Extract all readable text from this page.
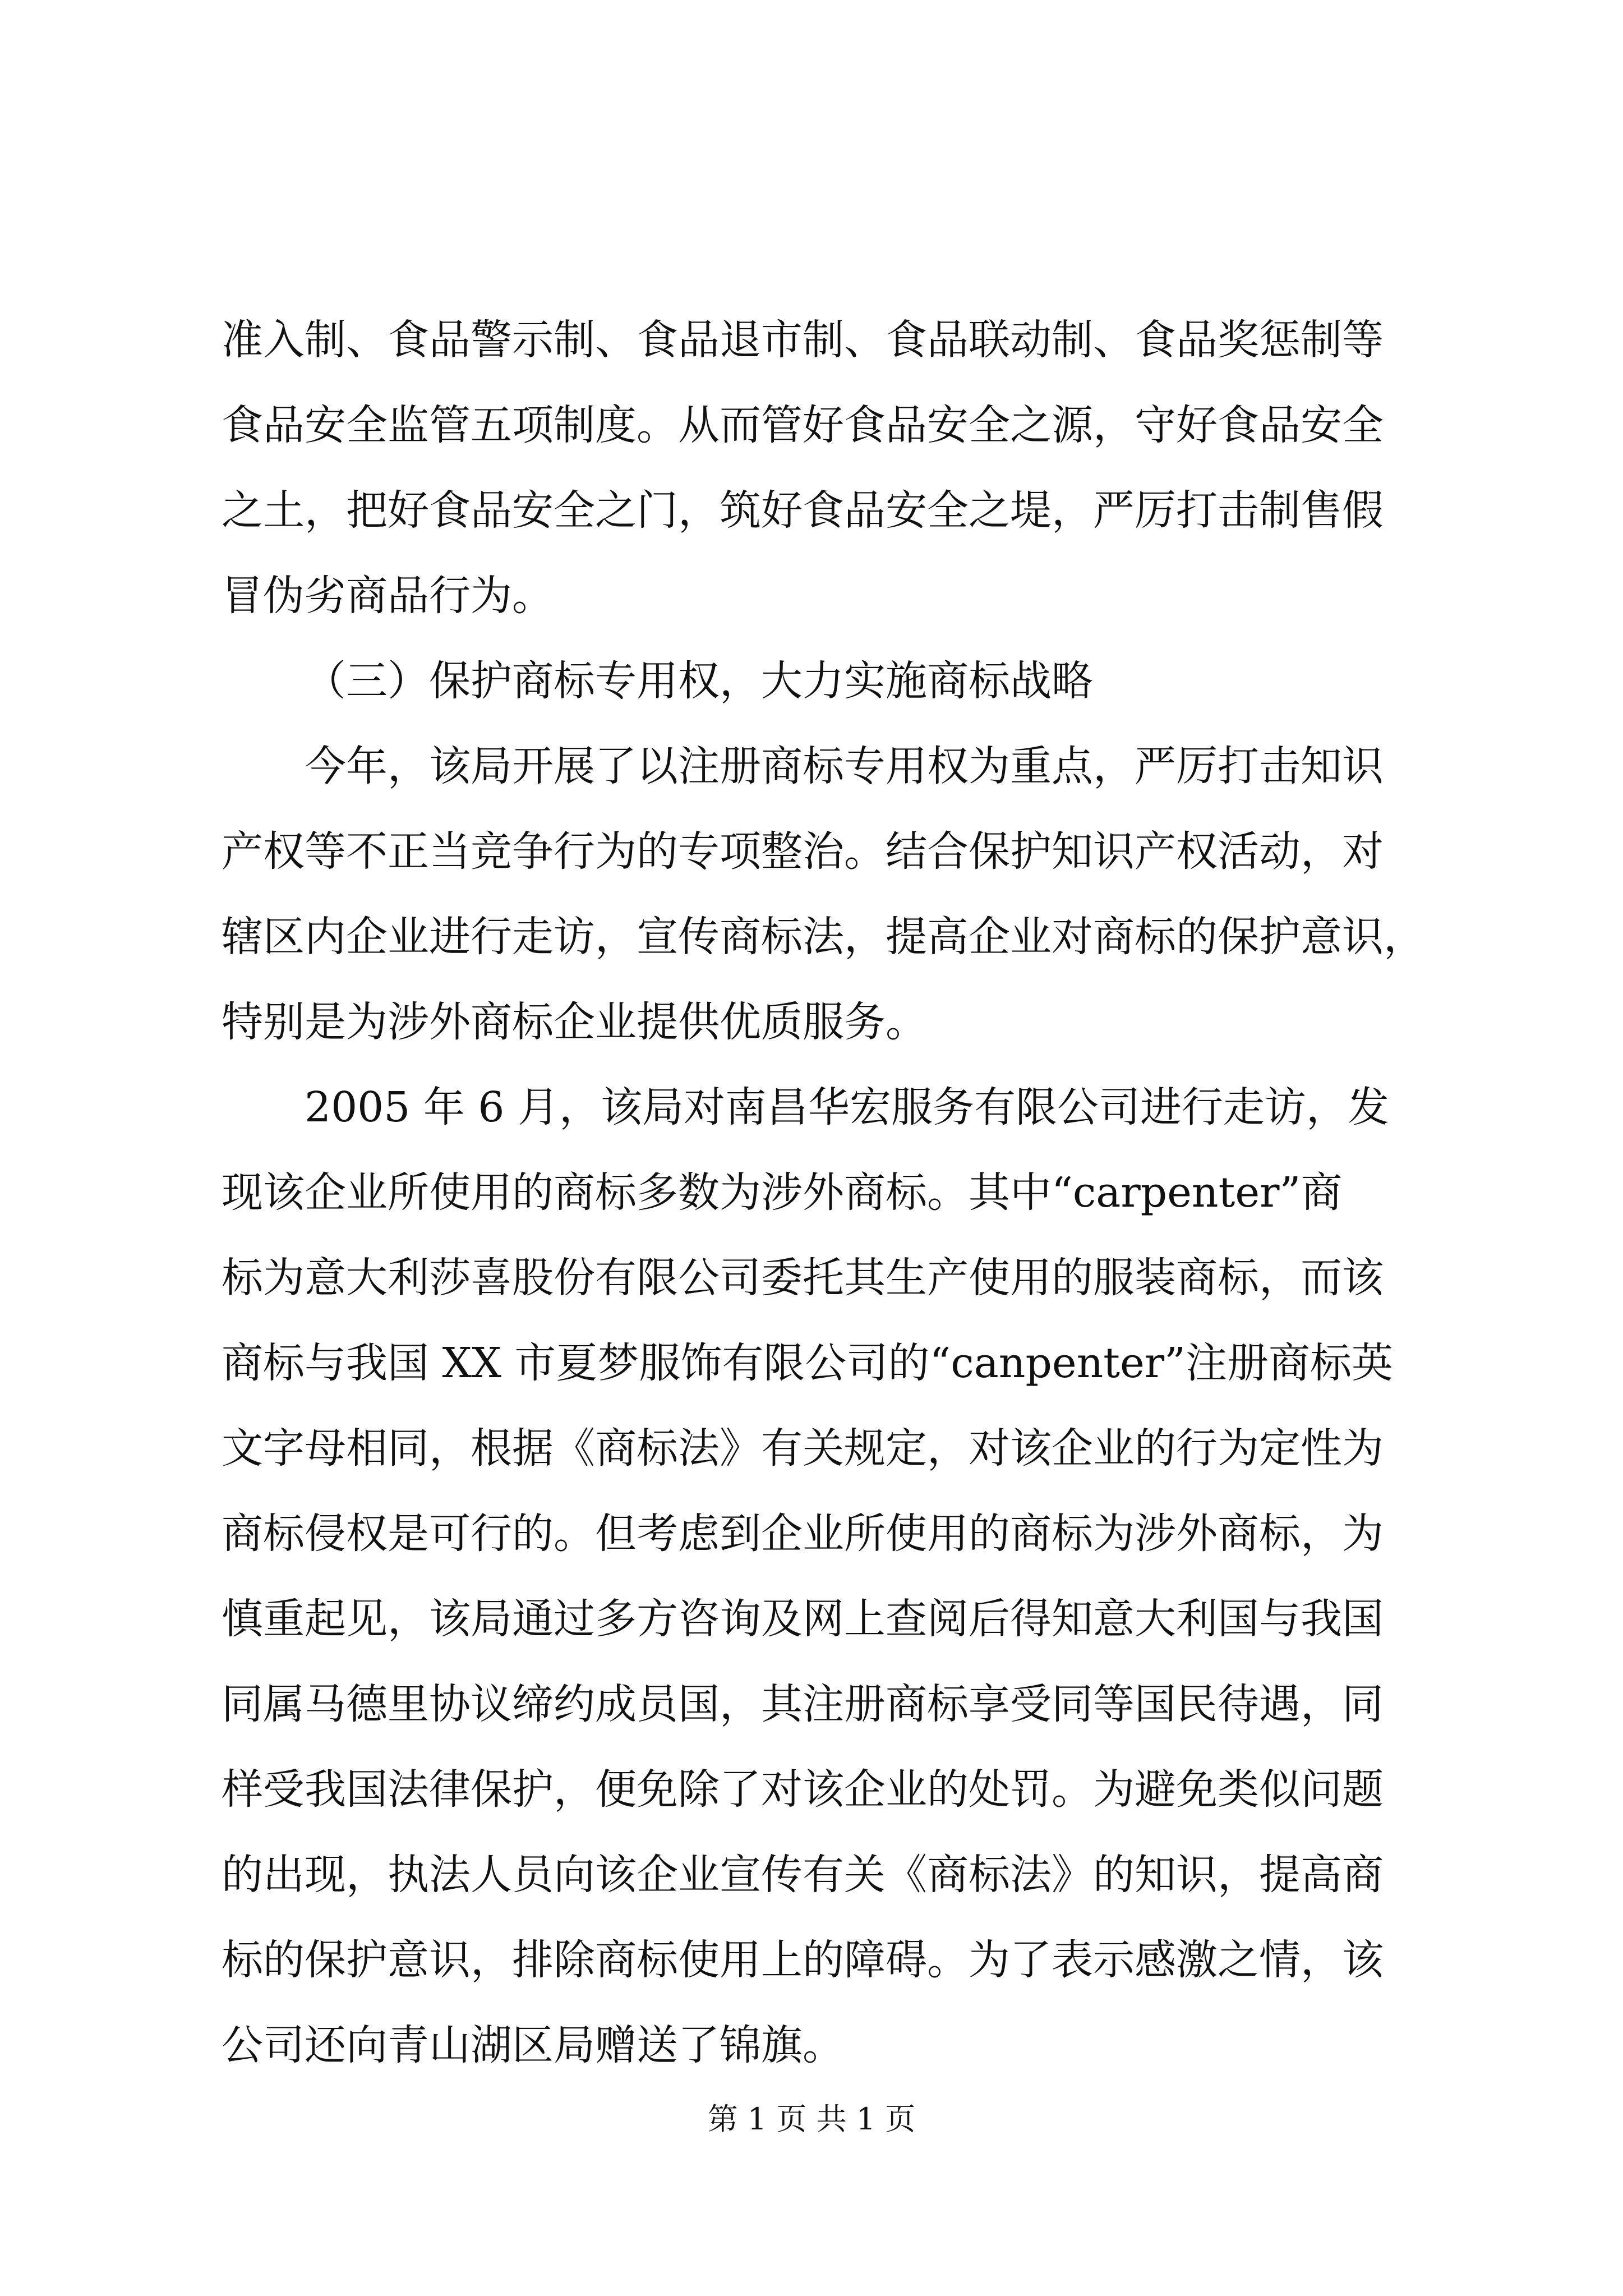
准入制、食品警示制、食品退市制、食品联动制、食品奖惩制等
食品安全监管五项制度。从而管好食品安全之源，守好食品安全
之土，把好食品安全之门，筑好食品安全之堤，严厉打击制售假
冒伪劣商品行为。
（三）保护商标专用权，大力实施商标战略
今年，该局开展了以注册商标专用权为重点，严厉打击知识
产权等不正当竞争行为的专项整治。结合保护知识产权活动，对
辖区内企业进行走访，宣传商标法，提高企业对商标的保护意识，
特别是为涉外商标企业提供优质服务。
2005 年 6 月，该局对南昌华宏服务有限公司进行走访，发
现该企业所使用的商标多数为涉外商标。其中“carpenter”商
标为意大利莎喜股份有限公司委托其生产使用的服装商标，而该
商标与我国 XX 市夏梦服饰有限公司的“canpenter”注册商标英
文字母相同，根据《商标法》有关规定，对该企业的行为定性为
商标侵权是可行的。但考虑到企业所使用的商标为涉外商标，为
慎重起见，该局通过多方咨询及网上查阅后得知意大利国与我国
同属马德里协议缔约成员国，其注册商标享受同等国民待遇，同
样受我国法律保护，便免除了对该企业的处罚。为避免类似问题
的出现，执法人员向该企业宣传有关《商标法》的知识，提高商
标的保护意识，排除商标使用上的障碍。为了表示感激之情，该
公司还向青山湖区局赠送了锦旗。
第 1 页 共 1 页
